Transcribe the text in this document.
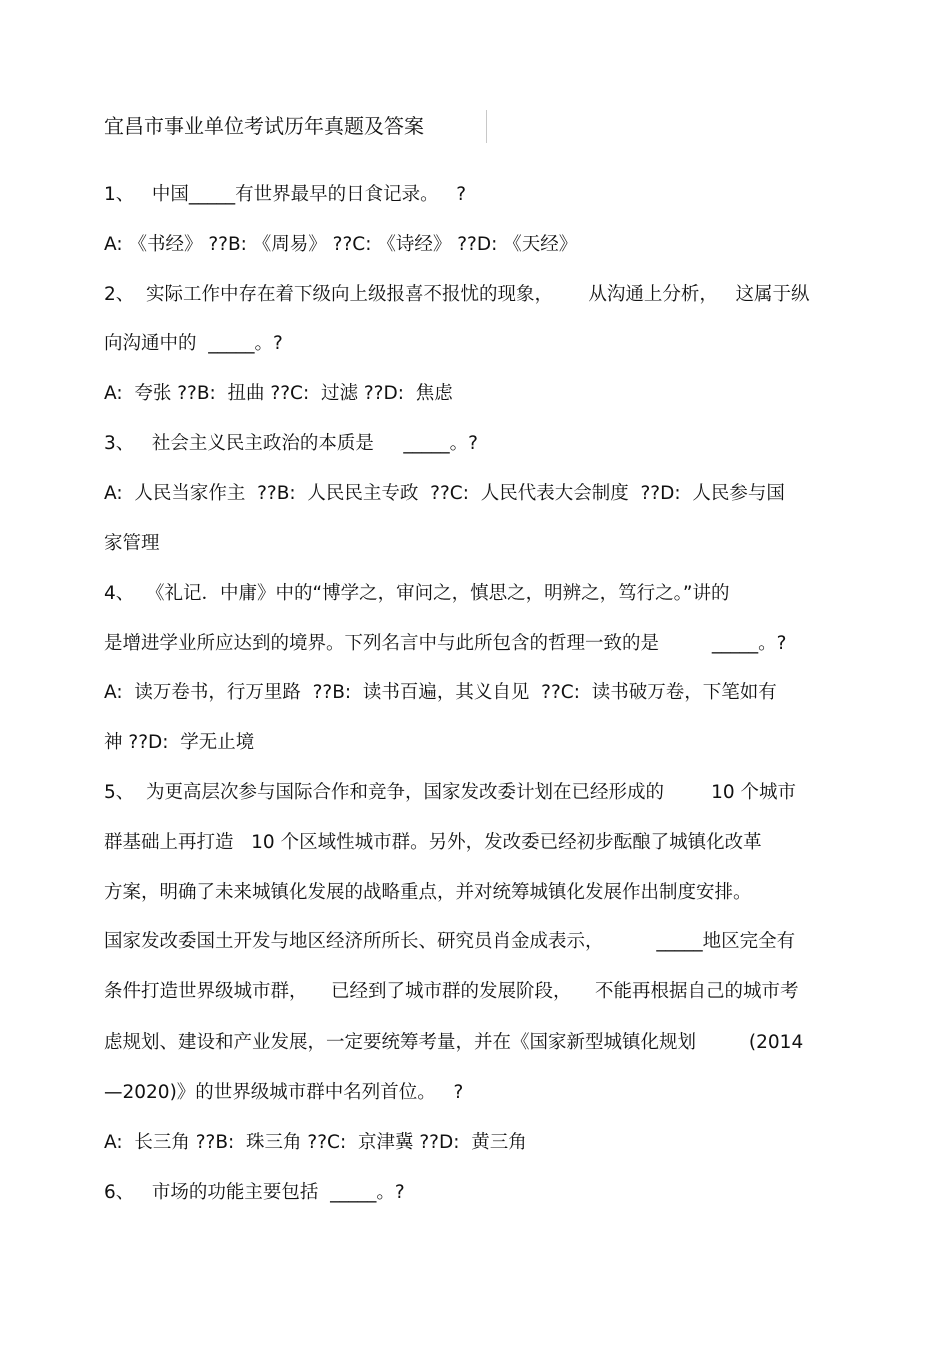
宜昌市事业单位考试历年真题及答案
1、   中国_____有世界最早的日食记录。   ?
A: 《书经》 ??B: 《周易》 ??C: 《诗经》 ??D: 《天经》
2、  实际工作中存在着下级向上级报喜不报忧的现象，      从沟通上分析，   这属于纵
向沟通中的  _____。?
A:  夸张 ??B:  扭曲 ??C:  过滤 ??D:  焦虑
3、   社会主义民主政治的本质是     _____。?
A:  人民当家作主  ??B:  人民民主专政  ??C:  人民代表大会制度  ??D:  人民参与国
家管理
4、  《礼记．中庸》中的“博学之，审问之，慎思之，明辨之，笃行之。”讲的
是增进学业所应达到的境界。下列名言中与此所包含的哲理一致的是         _____。?
A:  读万卷书，行万里路  ??B:  读书百遍，其义自见  ??C:  读书破万卷，下笔如有
神 ??D:  学无止境
5、  为更高层次参与国际合作和竞争，国家发改委计划在已经形成的        10 个城市
群基础上再打造   10 个区域性城市群。另外，发改委已经初步酝酿了城镇化改革
方案，明确了未来城镇化发展的战略重点，并对统筹城镇化发展作出制度安排。
国家发改委国土开发与地区经济所所长、研究员肖金成表示，         _____地区完全有
条件打造世界级城市群，    已经到了城市群的发展阶段，    不能再根据自己的城市考
虑规划、建设和产业发展，一定要统筹考量，并在《国家新型城镇化规划         (2014
—2020)》的世界级城市群中名列首位。   ?
A:  长三角 ??B:  珠三角 ??C:  京津冀 ??D:  黄三角
6、   市场的功能主要包括  _____。?
